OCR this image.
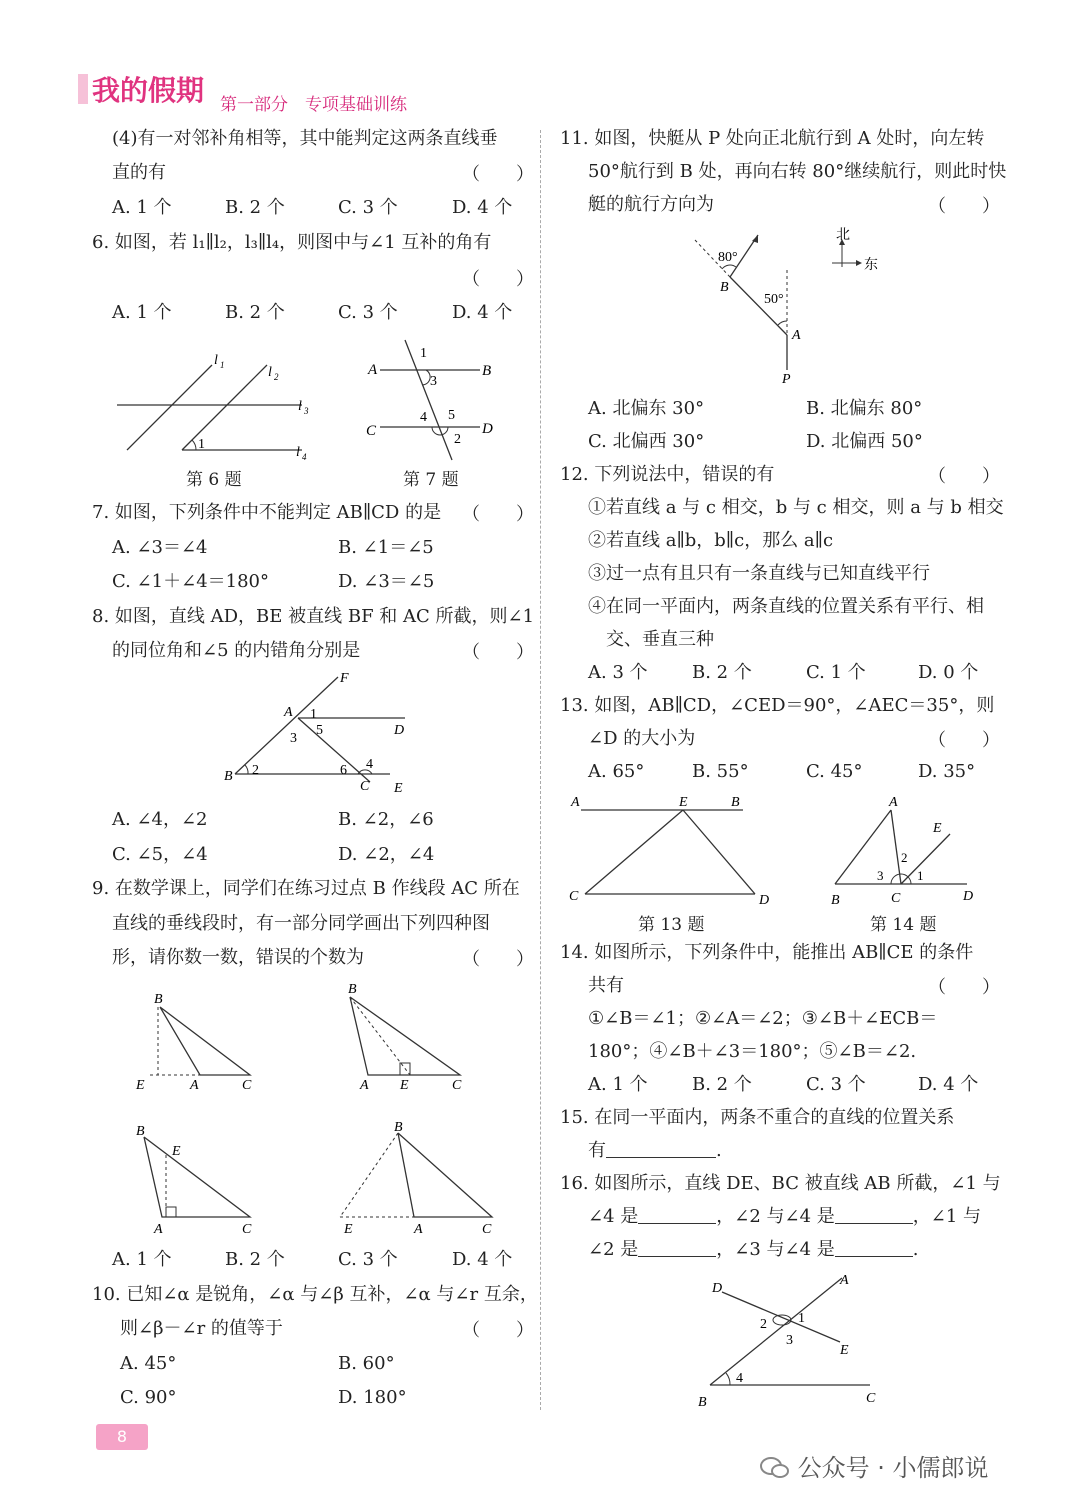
我的假期 第一部分　专项基础训练
(4)有一对邻补角相等，其中能判定这两条直线垂
直的有	（　　）
A. 1 个	B. 2 个	C. 3 个	D. 4 个
6. 如图，若 l₁∥l₂，l₃∥l₄，则图中与∠1 互补的角有
（　　）
A. 1 个	B. 2 个	C. 3 个	D. 4 个
l 1	l 2
l 3
l 4
1
第 6 题
A	B
C	D
1
3
4 5
2
第 7 题
7. 如图，下列条件中不能判定 AB∥CD 的是 （　　）
A. ∠3＝∠4	B. ∠1＝∠5
C. ∠1＋∠4＝180°	D. ∠3＝∠5
8. 如图，直线 AD，BE 被直线 BF 和 AC 所截，则∠1
的同位角和∠5 的内错角分别是	（　　）
A
F
D
B
C E
1
3
5
2	6 4
A. ∠4，∠2	B. ∠2，∠6
C. ∠5，∠4	D. ∠2，∠4
9. 在数学课上，同学们在练习过点 B 作线段 AC 所在
直线的垂线段时，有一部分同学画出下列四种图
形，请你数一数，错误的个数为	（　　）
B
E	A	C
B
A E	C
B
E
A	C
B
E	A	C
A. 1 个	B. 2 个	C. 3 个	D. 4 个
10. 已知∠α 是锐角，∠α 与∠β 互补，∠α 与∠r 互余，
则∠β－∠r 的值等于	（　　）
A. 45°	B. 60°
C. 90°	D. 180°
11. 如图，快艇从 P 处向正北航行到 A 处时，向左转
50°航行到 B 处，再向右转 80°继续航行，则此时快
艇的航行方向为	（　　）
80°
50°
B
A
P
北
东
A. 北偏东 30°	B. 北偏东 80°
C. 北偏西 30°	D. 北偏西 50°
12. 下列说法中，错误的有	（　　）
①若直线 a 与 c 相交，b 与 c 相交，则 a 与 b 相交
②若直线 a∥b，b∥c，那么 a∥c
③过一点有且只有一条直线与已知直线平行
④在同一平面内，两条直线的位置关系有平行、相
交、垂直三种
A. 3 个 B. 2 个	C. 1 个	D. 0 个
13. 如图，AB∥CD，∠CED＝90°，∠AEC＝35°，则
∠D 的大小为	（　　）
A. 65°	B. 55°	C. 45°	D. 35°
A	E	B
C	D
第 13 题
A
E
B	C	D
3
2
1
第 14 题
14. 如图所示，下列条件中，能推出 AB∥CE 的条件
共有	（　　）
①∠B＝∠1；②∠A＝∠2；③∠B＋∠ECB＝
180°；④∠B＋∠3＝180°；⑤∠B＝∠2.
A. 1 个 B. 2 个	C. 3 个	D. 4 个
15. 在同一平面内，两条不重合的直线的位置关系
有	.
16. 如图所示，直线 DE、BC 被直线 AB 所截，∠1 与
∠4 是	，∠2 与∠4 是	，∠1 与
∠2 是	，∠3 与∠4 是	.
D
A
E
B	C
2 1
3
4
8
公众号 · 小儒郎说
